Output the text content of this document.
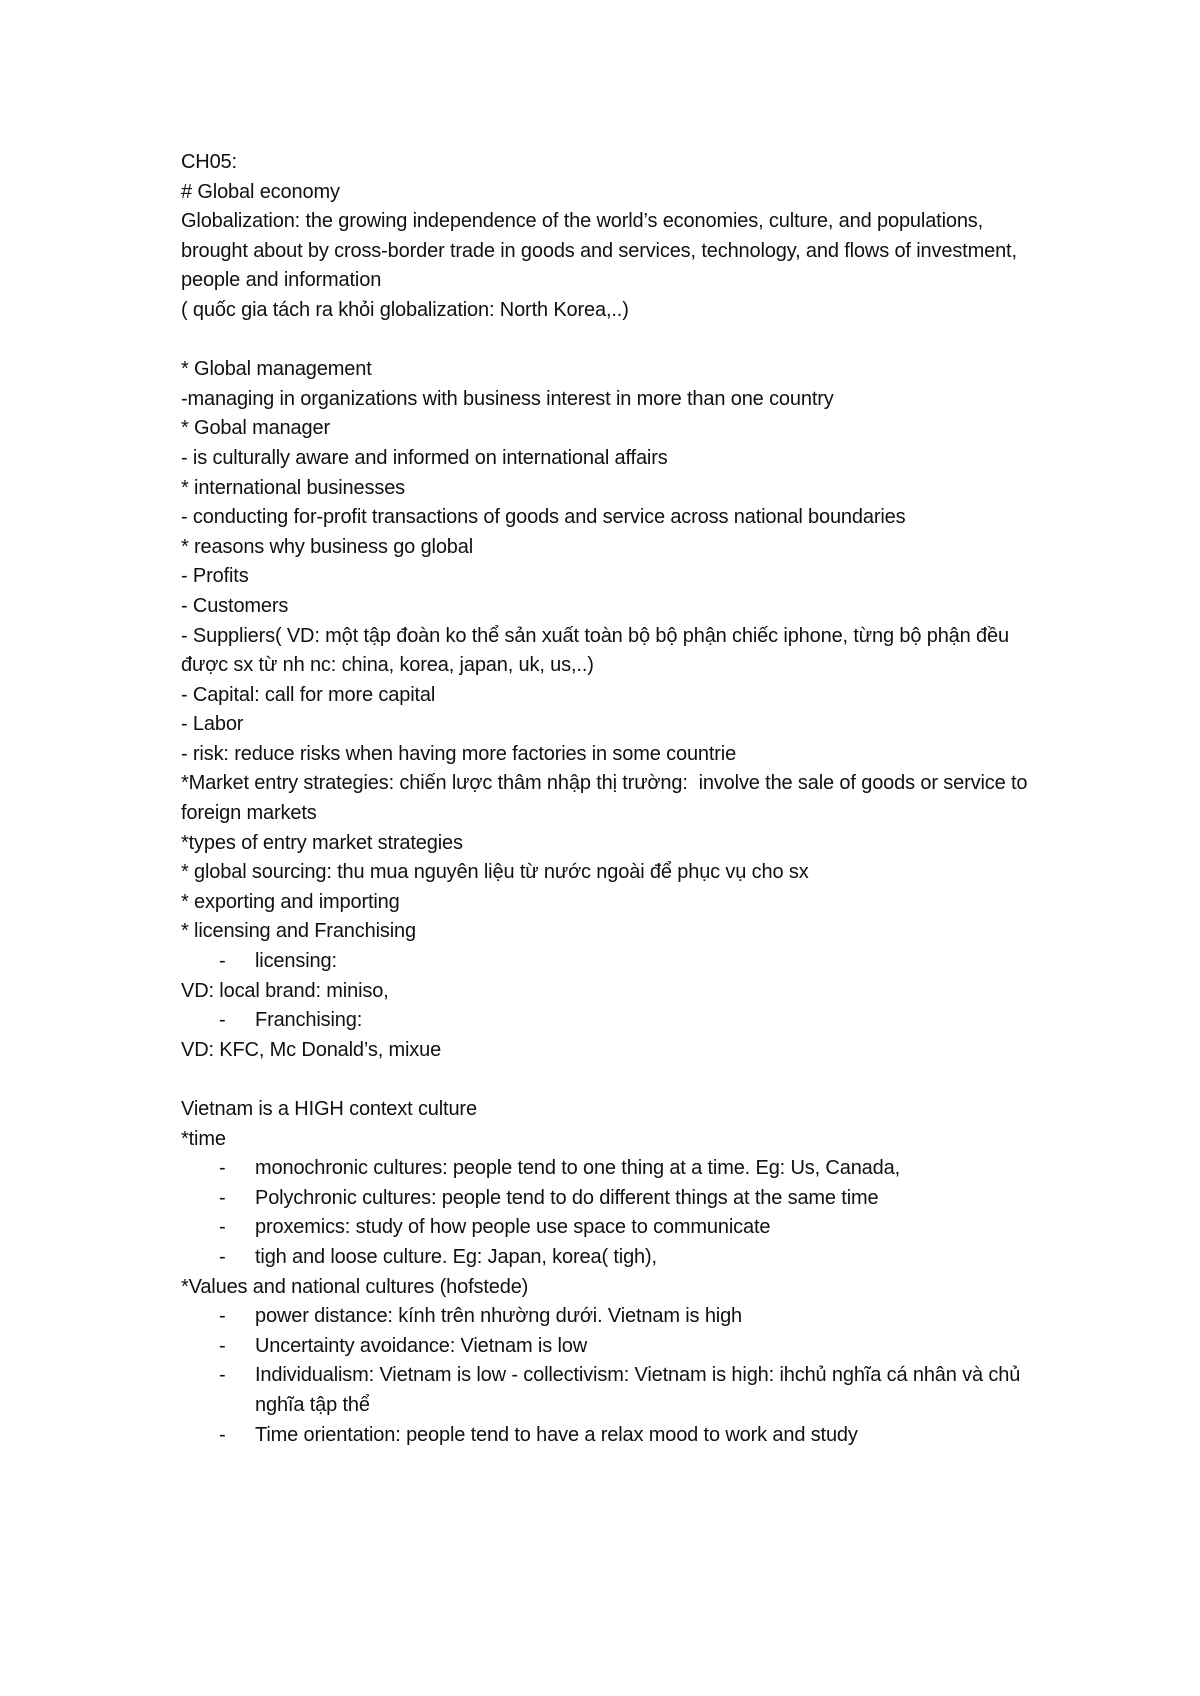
CH05:
# Global economy
Globalization: the growing independence of the world’s economies, culture, and populations, brought about by cross-border trade in goods and services, technology, and flows of investment, people and information
( quốc gia tách ra khỏi globalization: North Korea,..)
* Global management
-managing in organizations with business interest in more than one country
* Gobal manager
- is culturally aware and informed on international affairs
* international businesses
- conducting for-profit transactions of goods and service across national boundaries
* reasons why business go global
- Profits
- Customers
- Suppliers( VD: một tập đoàn ko thể sản xuất toàn bộ bộ phận chiếc iphone, từng bộ phận đều được sx từ nh nc: china, korea, japan, uk, us,..)
- Capital: call for more capital
- Labor
- risk: reduce risks when having more factories in some countrie
*Market entry strategies: chiến lược thâm nhập thị trường:  involve the sale of goods or service to foreign markets
*types of entry market strategies
* global sourcing: thu mua nguyên liệu từ nước ngoài để phục vụ cho sx
* exporting and importing
* licensing and Franchising
-	licensing:
VD: local brand: miniso,
-	Franchising:
VD: KFC, Mc Donald’s, mixue
Vietnam is a HIGH context culture
*time
-	monochronic cultures: people tend to one thing at a time. Eg: Us, Canada,
-	Polychronic cultures: people tend to do different things at the same time
-	proxemics: study of how people use space to communicate
-	tigh and loose culture. Eg: Japan, korea( tigh),
*Values and national cultures (hofstede)
-	power distance: kính trên nhường dưới. Vietnam is high
-	Uncertainty avoidance: Vietnam is low
-	Individualism: Vietnam is low - collectivism: Vietnam is high: ihchủ nghĩa cá nhân và chủ nghĩa tập thể
-	Time orientation: people tend to have a relax mood to work and study
